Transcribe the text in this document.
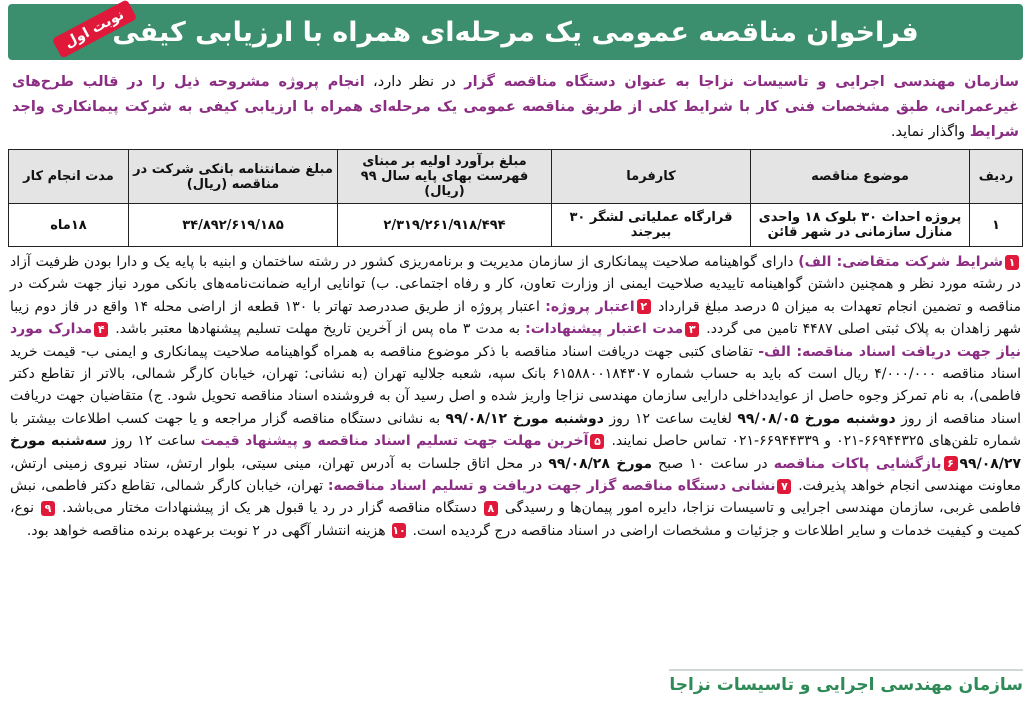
فراخوان مناقصه عمومی یک مرحله‌ای همراه با ارزیابی کیفی
نوبت اول
سازمان مهندسی اجرایی و تاسیسات نزاجا به عنوان دستگاه مناقصه گزار در نظر دارد، انجام پروژه مشروحه ذیل را در قالب طرح‌های غیرعمرانی، طبق مشخصات فنی کار با شرایط کلی از طریق مناقصه عمومی یک مرحله‌ای همراه با ارزیابی کیفی به شرکت پیمانکاری واجد شرایط واگذار نماید.
ردیف	موضوع مناقصه	کارفرما	مبلغ برآورد اولیه بر مبنای فهرست بهای پایه سال ۹۹ (ریال)	مبلغ ضمانتنامه بانکی شرکت در مناقصه (ریال)	مدت انجام کار
۱	پروژه احداث ۳۰ بلوک ۱۸ واحدی منازل سازمانی در شهر قائن	قرارگاه عملیاتی لشگر ۳۰ بیرجند	۲/۳۱۹/۲۶۱/۹۱۸/۴۹۴	۳۴/۸۹۲/۶۱۹/۱۸۵	۱۸ماه
۱شرایط شرکت متقاضی: الف) دارای گواهینامه صلاحیت پیمانکاری از سازمان مدیریت و برنامه‌ریزی کشور در رشته ساختمان و ابنیه با پایه یک و دارا بودن ظرفیت آزاد در رشته مورد نظر و همچنین داشتن گواهینامه تاییدیه صلاحیت ایمنی از وزارت تعاون، کار و رفاه اجتماعی. ب) توانایی ارایه ضمانت‌نامه‌های بانکی مورد نیاز جهت شرکت در مناقصه و تضمین انجام تعهدات به میزان ۵ درصد مبلغ قرارداد ۲اعتبار پروژه: اعتبار پروژه از طریق صددرصد تهاتر با ۱۳۰ قطعه از اراضی محله ۱۴ واقع در فاز دوم زیبا شهر زاهدان به پلاک ثبتی اصلی ۴۴۸۷ تامین می گردد. ۳مدت اعتبار پیشنهادات: به مدت ۳ ماه پس از آخرین تاریخ مهلت تسلیم پیشنهادها معتبر باشد. ۴مدارک مورد نیاز جهت دریافت اسناد مناقصه: الف- تقاضای کتبی جهت دریافت اسناد مناقصه با ذکر موضوع مناقصه به همراه گواهینامه صلاحیت پیمانکاری و ایمنی ب- قیمت خرید اسناد مناقصه ۴/۰۰۰/۰۰۰ ریال است که باید به حساب شماره ۶۱۵۸۸۰۰۱۸۴۳۰۷ بانک سپه، شعبه جلالیه تهران (به نشانی: تهران، خیابان کارگر شمالی، بالاتر از تقاطع دکتر فاطمی)، به نام تمرکز وجوه حاصل از عوایدداخلی دارایی سازمان مهندسی نزاجا واریز شده و اصل رسید آن به فروشنده اسناد مناقصه تحویل شود. ج) متقاضیان جهت دریافت اسناد مناقصه از روز دوشنبه مورخ ۹۹/۰۸/۰۵ لغایت ساعت ۱۲ روز دوشنبه مورخ ۹۹/۰۸/۱۲ به نشانی دستگاه مناقصه گزار مراجعه و یا جهت کسب اطلاعات بیشتر با شماره تلفن‌های ۶۶۹۴۴۳۲۵-۰۲۱ و ۶۶۹۴۴۳۳۹-۰۲۱ تماس حاصل نمایند. ۵آخرین مهلت جهت تسلیم اسناد مناقصه و پیشنهاد قیمت ساعت ۱۲ روز سه‌شنبه مورخ ۹۹/۰۸/۲۷۶بازگشایی پاکات مناقصه در ساعت ۱۰ صبح مورخ ۹۹/۰۸/۲۸ در محل اتاق جلسات به آدرس تهران، مینی سیتی، بلوار ارتش، ستاد نیروی زمینی ارتش، معاونت مهندسی انجام خواهد پذیرفت. ۷نشانی دستگاه مناقصه گزار جهت دریافت و تسلیم اسناد مناقصه: تهران، خیابان کارگر شمالی، تقاطع دکتر فاطمی، نبش فاطمی غربی، سازمان مهندسی اجرایی و تاسیسات نزاجا، دایره امور پیمان‌ها و رسیدگی ۸ دستگاه مناقصه گزار در رد یا قبول هر یک از پیشنهادات مختار می‌باشد. ۹ نوع، کمیت و کیفیت خدمات و سایر اطلاعات و جزئیات و مشخصات اراضی در اسناد مناقصه درج گردیده است. ۱۰ هزینه انتشار آگهی در ۲ نوبت برعهده برنده مناقصه خواهد بود.
سازمان مهندسی اجرایی و تاسیسات نزاجا
